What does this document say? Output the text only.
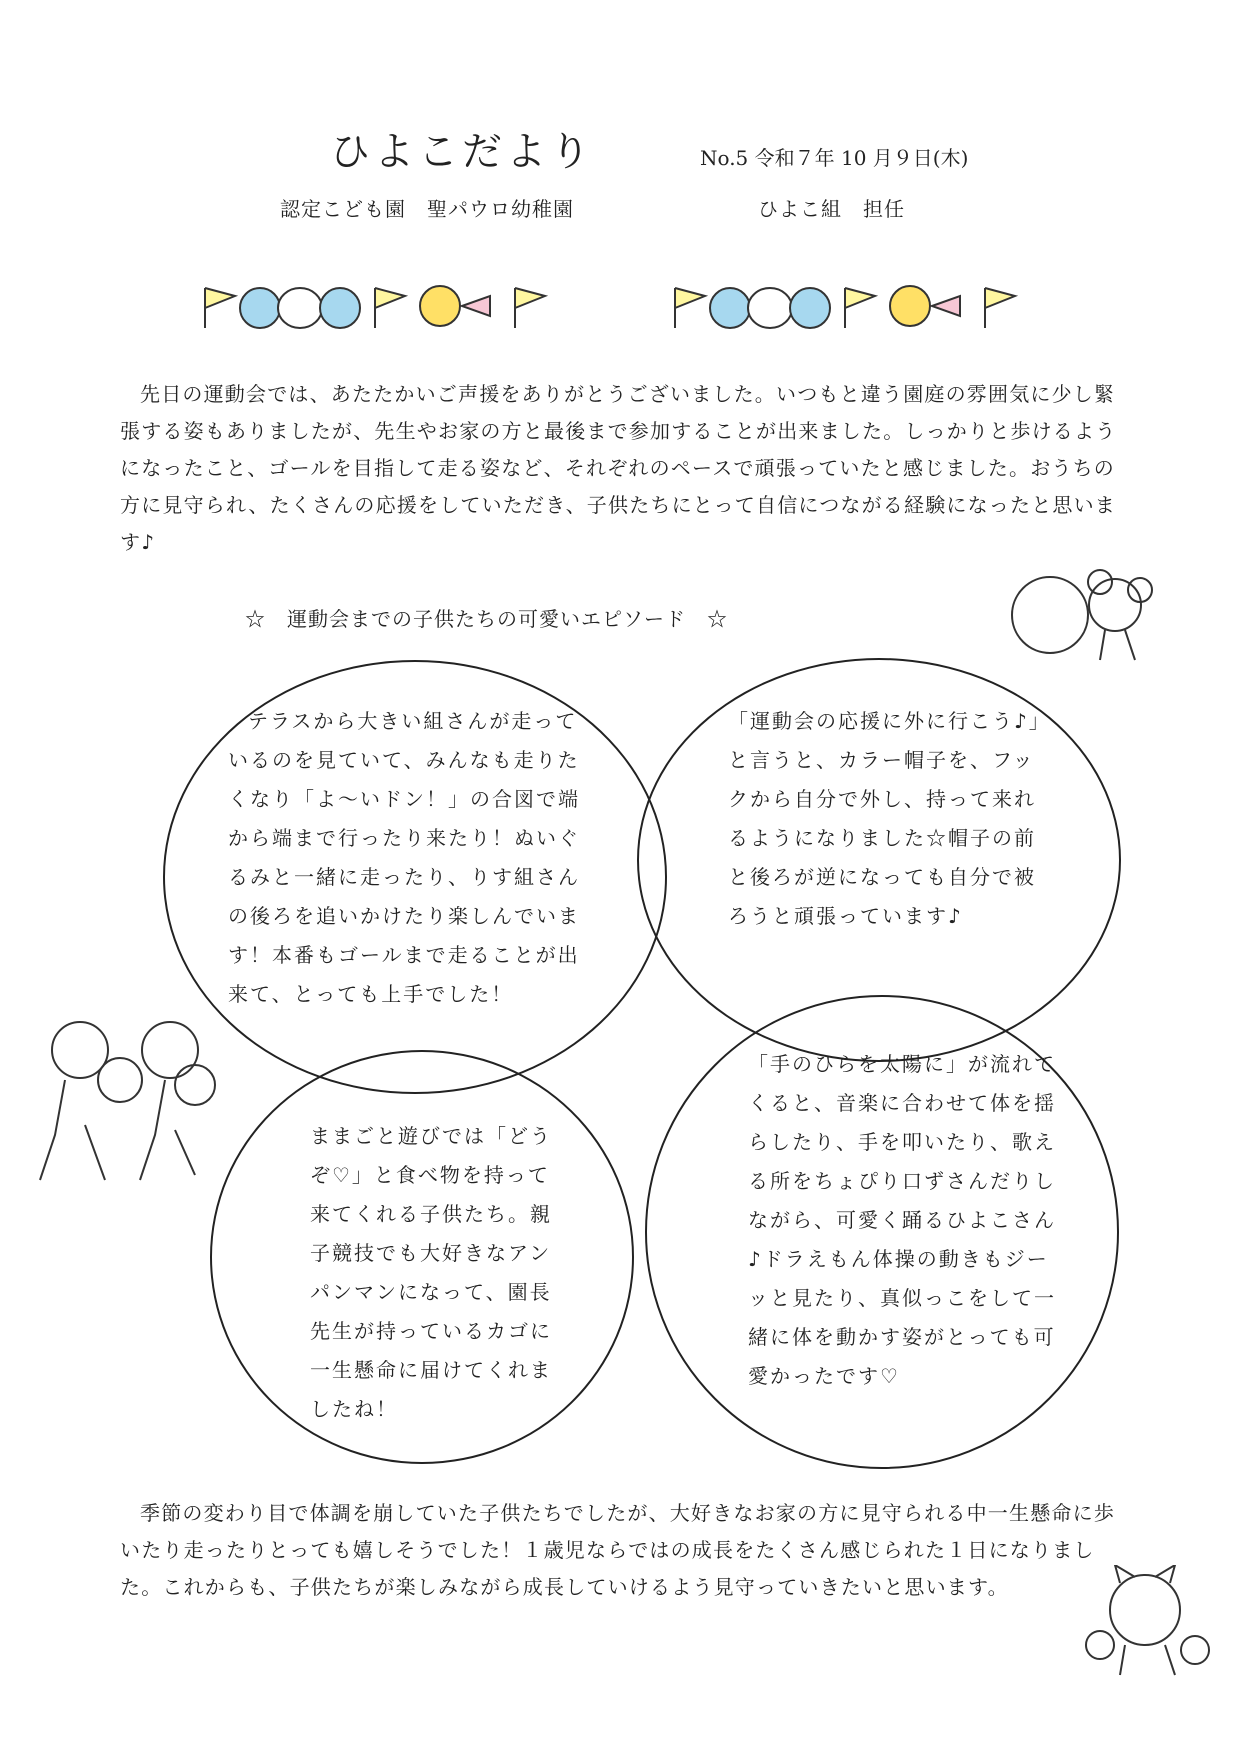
ひよこだより	No.5 令和７年 10 月９日(木)
認定こども園　聖パウロ幼稚園	ひよこ組　担任
先日の運動会では、あたたかいご声援をありがとうございました。いつもと違う園庭の雰囲気に少し緊張する姿もありましたが、先生やお家の方と最後まで参加することが出来ました。しっかりと歩けるようになったこと、ゴールを目指して走る姿など、それぞれのペースで頑張っていたと感じました。おうちの方に見守られ、たくさんの応援をしていただき、子供たちにとって自信につながる経験になったと思います♪
☆　運動会までの子供たちの可愛いエピソード　☆
テラスから大きい組さんが走っているのを見ていて、みんなも走りたくなり「よ～いドン！」の合図で端から端まで行ったり来たり！ぬいぐるみと一緒に走ったり、りす組さんの後ろを追いかけたり楽しんでいます！本番もゴールまで走ることが出来て、とっても上手でした！
「運動会の応援に外に行こう♪」と言うと、カラー帽子を、フックから自分で外し、持って来れるようになりました☆帽子の前と後ろが逆になっても自分で被ろうと頑張っています♪
ままごと遊びでは「どうぞ♡」と食べ物を持って来てくれる子供たち。親子競技でも大好きなアンパンマンになって、園長先生が持っているカゴに一生懸命に届けてくれましたね！
「手のひらを太陽に」が流れてくると、音楽に合わせて体を揺らしたり、手を叩いたり、歌える所をちょぴり口ずさんだりしながら、可愛く踊るひよこさん♪ドラえもん体操の動きもジーッと見たり、真似っこをして一緒に体を動かす姿がとっても可愛かったです♡
季節の変わり目で体調を崩していた子供たちでしたが、大好きなお家の方に見守られる中一生懸命に歩いたり走ったりとっても嬉しそうでした！１歳児ならではの成長をたくさん感じられた１日になりました。これからも、子供たちが楽しみながら成長していけるよう見守っていきたいと思います。
